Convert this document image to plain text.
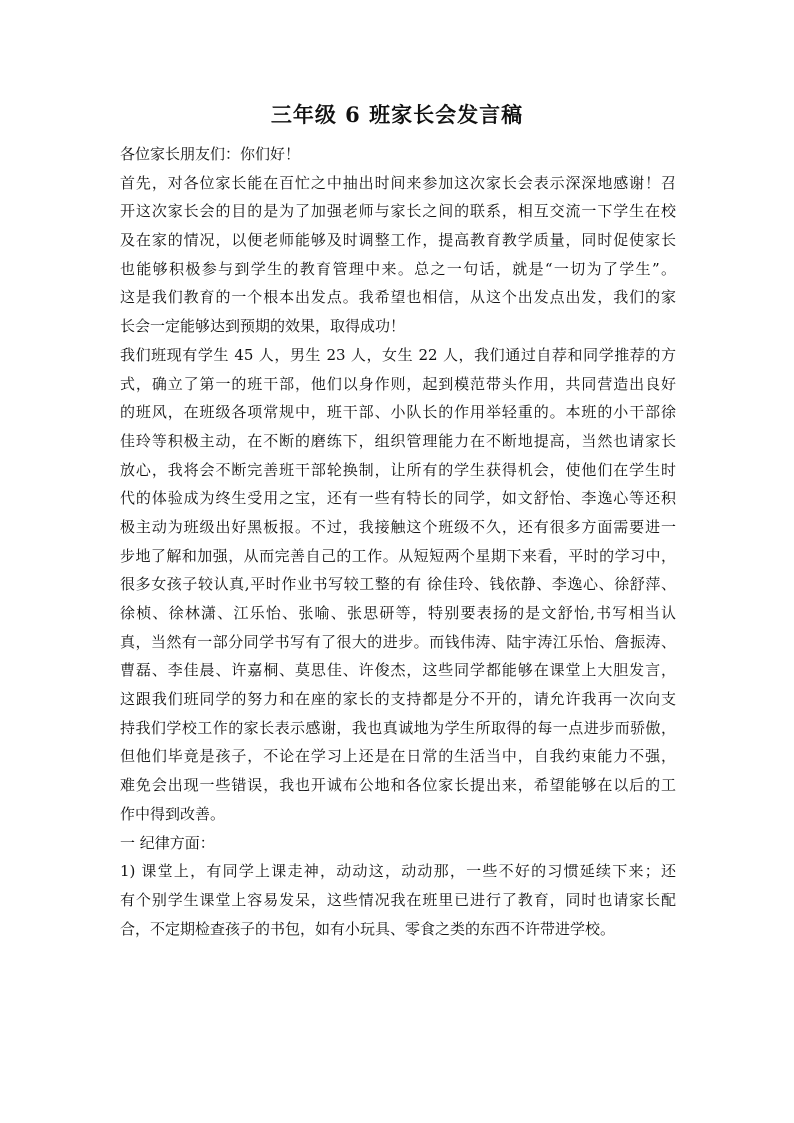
三年级 6 班家长会发言稿
各位家长朋友们：你们好！
首先，对各位家长能在百忙之中抽出时间来参加这次家长会表示深深地感谢！召
开这次家长会的目的是为了加强老师与家长之间的联系，相互交流一下学生在校
及在家的情况，以便老师能够及时调整工作，提高教育教学质量，同时促使家长
也能够积极参与到学生的教育管理中来。总之一句话，就是“一切为了学生”。
这是我们教育的一个根本出发点。我希望也相信，从这个出发点出发，我们的家
长会一定能够达到预期的效果，取得成功！
我们班现有学生 45 人，男生 23 人，女生 22 人，我们通过自荐和同学推荐的方
式，确立了第一的班干部，他们以身作则，起到模范带头作用，共同营造出良好
的班风，在班级各项常规中，班干部、小队长的作用举轻重的。本班的小干部徐
佳玲等积极主动，在不断的磨练下，组织管理能力在不断地提高，当然也请家长
放心，我将会不断完善班干部轮换制，让所有的学生获得机会，使他们在学生时
代的体验成为终生受用之宝，还有一些有特长的同学，如文舒怡、李逸心等还积
极主动为班级出好黑板报。不过，我接触这个班级不久，还有很多方面需要进一
步地了解和加强，从而完善自己的工作。从短短两个星期下来看，平时的学习中，
很多女孩子较认真,平时作业书写较工整的有 徐佳玲、钱依静、李逸心、徐舒萍、
徐桢、徐林潇、江乐怡、张喻、张思研等，特别要表扬的是文舒怡,书写相当认
真，当然有一部分同学书写有了很大的进步。而钱伟涛、陆宇涛江乐怡、詹振涛、
曹磊、李佳晨、许嘉桐、莫思佳、许俊杰，这些同学都能够在课堂上大胆发言，
这跟我们班同学的努力和在座的家长的支持都是分不开的，请允许我再一次向支
持我们学校工作的家长表示感谢，我也真诚地为学生所取得的每一点进步而骄傲，
但他们毕竟是孩子，不论在学习上还是在日常的生活当中，自我约束能力不强，
难免会出现一些错误，我也开诚布公地和各位家长提出来，希望能够在以后的工
作中得到改善。
一 纪律方面：
1) 课堂上，有同学上课走神，动动这，动动那，一些不好的习惯延续下来；还
有个别学生课堂上容易发呆，这些情况我在班里已进行了教育，同时也请家长配
合，不定期检查孩子的书包，如有小玩具、零食之类的东西不许带进学校。
